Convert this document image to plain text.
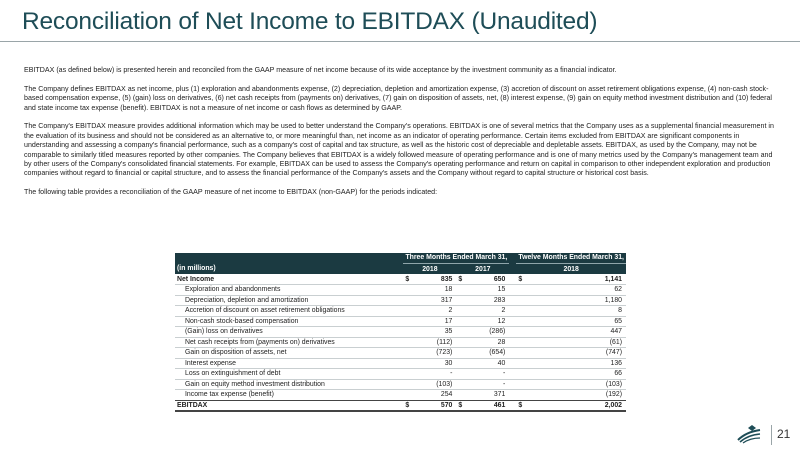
Reconciliation of Net Income to EBITDAX (Unaudited)

EBITDAX (as defined below) is presented herein and reconciled from the GAAP measure of net income because of its wide acceptance by the investment community as a financial indicator.

The Company defines EBITDAX as net income, plus (1) exploration and abandonments expense, (2) depreciation, depletion and amortization expense, (3) accretion of discount on asset retirement obligations expense, (4) non-cash stock-based compensation expense, (5) (gain) loss on derivatives, (6) net cash receipts from (payments on) derivatives, (7) gain on disposition of assets, net, (8) interest expense, (9) gain on equity method investment distribution and (10) federal and state income tax expense (benefit). EBITDAX is not a measure of net income or cash flows as determined by GAAP.

The Company's EBITDAX measure provides additional information which may be used to better understand the Company's operations. EBITDAX is one of several metrics that the Company uses as a supplemental financial measurement in the evaluation of its business and should not be considered as an alternative to, or more meaningful than, net income as an indicator of operating performance. Certain items excluded from EBITDAX are significant components in understanding and assessing a company's financial performance, such as a company's cost of capital and tax structure, as well as the historic cost of depreciable and depletable assets. EBITDAX, as used by the Company, may not be comparable to similarly titled measures reported by other companies. The Company believes that EBITDAX is a widely followed measure of operating performance and is one of many metrics used by the Company's management team and by other users of the Company's consolidated financial statements. For example, EBITDAX can be used to assess the Company's operating performance and return on capital in comparison to other independent exploration and production companies without regard to financial or capital structure, and to assess the financial performance of the Company's assets and the Company without regard to capital structure or historical cost basis.

The following table provides a reconciliation of the GAAP measure of net income to EBITDAX (non-GAAP) for the periods indicated:

	Three Months Ended March 31,					Twelve Months Ended March 31,	
(in millions)	2018		2017			2018	
Net Income	$	835	$	650		$	1,141
Exploration and abandonments		18		15			62
Depreciation, depletion and amortization		317		283			1,180
Accretion of discount on asset retirement obligations		2		2			8
Non-cash stock-based compensation		17		12			65
(Gain) loss on derivatives		35		(286)			447
Net cash receipts from (payments on) derivatives		(112)		28			(61)
Gain on disposition of assets, net		(723)		(654)			(747)
Interest expense		30		40			136
Loss on extinguishment of debt		-		-			66
Gain on equity method investment distribution		(103)		-			(103)
Income tax expense (benefit)		254		371			(192)
EBITDAX	$	570	$	461		$	2,002
21
